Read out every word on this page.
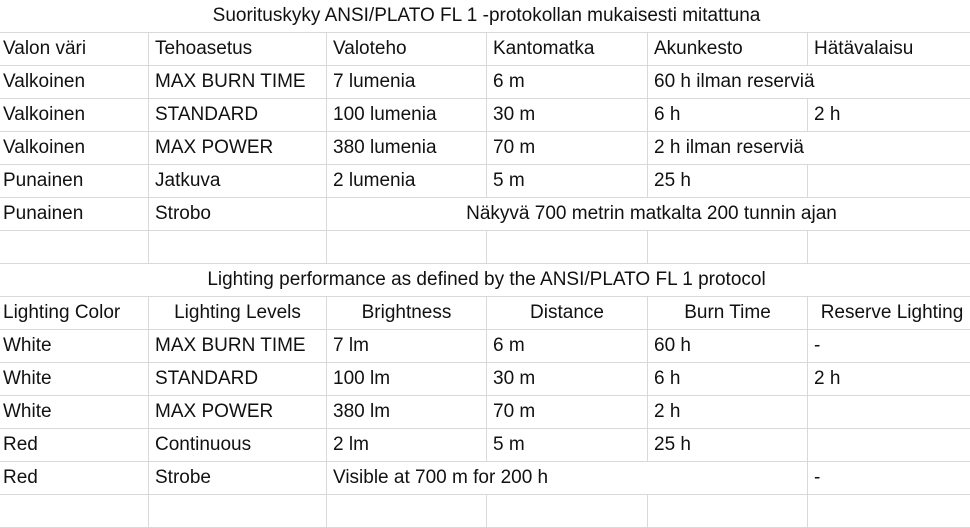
Suorituskyky ANSI/PLATO FL 1 -protokollan mukaisesti mitattuna					
Valon väri	Tehoasetus	Valoteho	Kantomatka	Akunkesto	Hätävalaisu
Valkoinen	MAX BURN TIME	7 lumenia	6 m	60 h ilman reserviä	
Valkoinen	STANDARD	100 lumenia	30 m	6 h	2 h
Valkoinen	MAX POWER	380 lumenia	70 m	2 h ilman reserviä	
Punainen	Jatkuva	2 lumenia	5 m	25 h	
Punainen	Strobo	Näkyvä 700 metrin matkalta 200 tunnin ajan			

Lighting performance as defined by the ANSI/PLATO FL 1 protocol					
Lighting Color	Lighting Levels	Brightness	Distance	Burn Time	Reserve Lighting
White	MAX BURN TIME	7 lm	6 m	60 h	-
White	STANDARD	100 lm	30 m	6 h	2 h
White	MAX POWER	380 lm	70 m	2 h	
Red	Continuous	2 lm	5 m	25 h	
Red	Strobe	Visible at 700 m for 200 h			-
